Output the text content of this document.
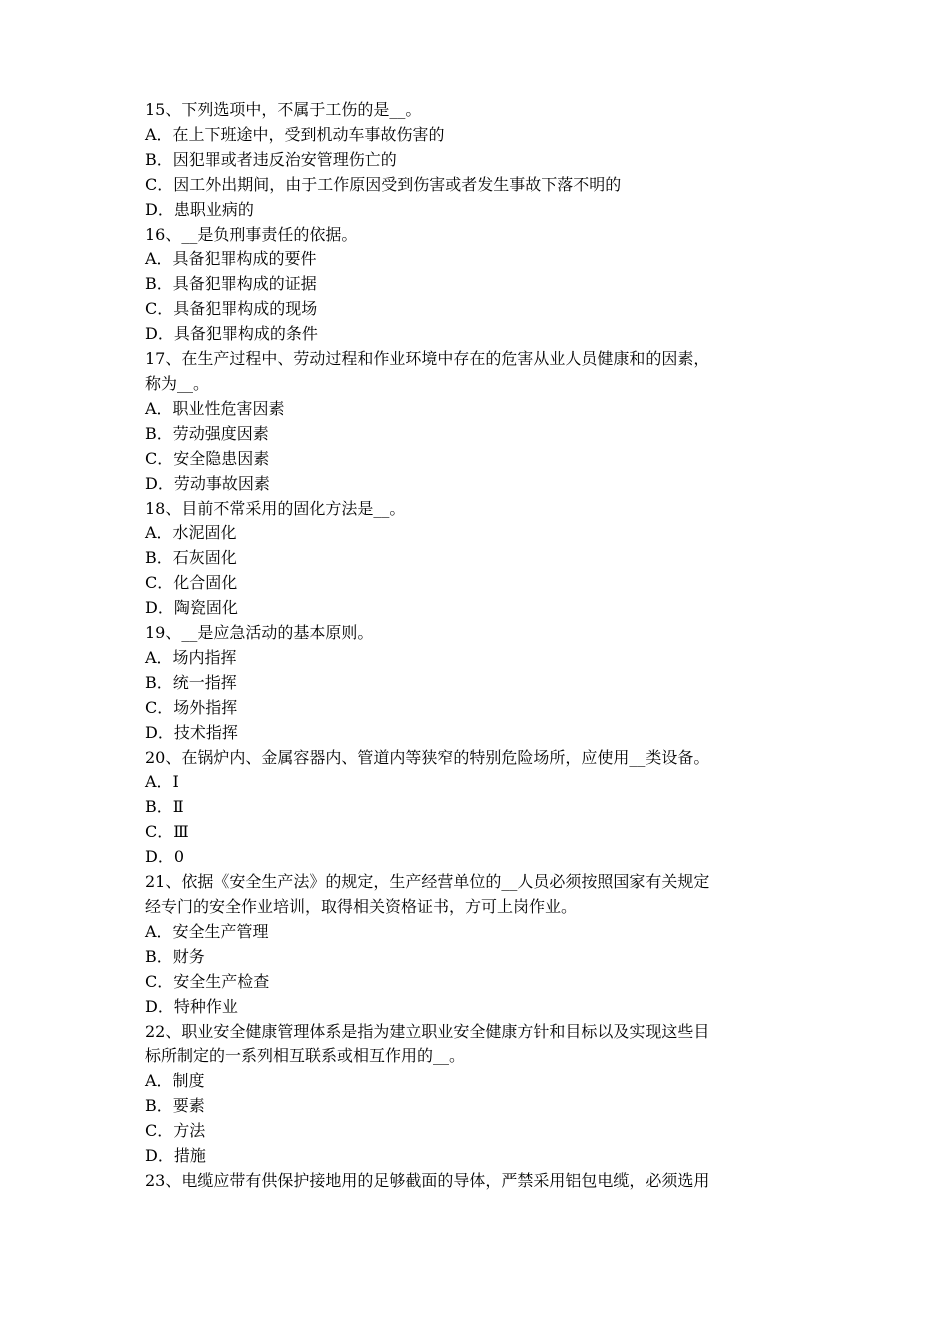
15、下列选项中，不属于工伤的是__。
A．在上下班途中，受到机动车事故伤害的
B．因犯罪或者违反治安管理伤亡的
C．因工外出期间，由于工作原因受到伤害或者发生事故下落不明的
D．患职业病的
16、__是负刑事责任的依据。
A．具备犯罪构成的要件
B．具备犯罪构成的证据
C．具备犯罪构成的现场
D．具备犯罪构成的条件
17、在生产过程中、劳动过程和作业环境中存在的危害从业人员健康和的因素，
称为__。
A．职业性危害因素
B．劳动强度因素
C．安全隐患因素
D．劳动事故因素
18、目前不常采用的固化方法是__。
A．水泥固化
B．石灰固化
C．化合固化
D．陶瓷固化
19、__是应急活动的基本原则。
A．场内指挥
B．统一指挥
C．场外指挥
D．技术指挥
20、在锅炉内、金属容器内、管道内等狭窄的特别危险场所，应使用__类设备。
A．Ⅰ
B．Ⅱ
C．Ⅲ
D．0
21、依据《安全生产法》的规定，生产经营单位的__人员必须按照国家有关规定
经专门的安全作业培训，取得相关资格证书，方可上岗作业。
A．安全生产管理
B．财务
C．安全生产检查
D．特种作业
22、职业安全健康管理体系是指为建立职业安全健康方针和目标以及实现这些目
标所制定的一系列相互联系或相互作用的__。
A．制度
B．要素
C．方法
D．措施
23、电缆应带有供保护接地用的足够截面的导体，严禁采用铝包电缆，必须选用
